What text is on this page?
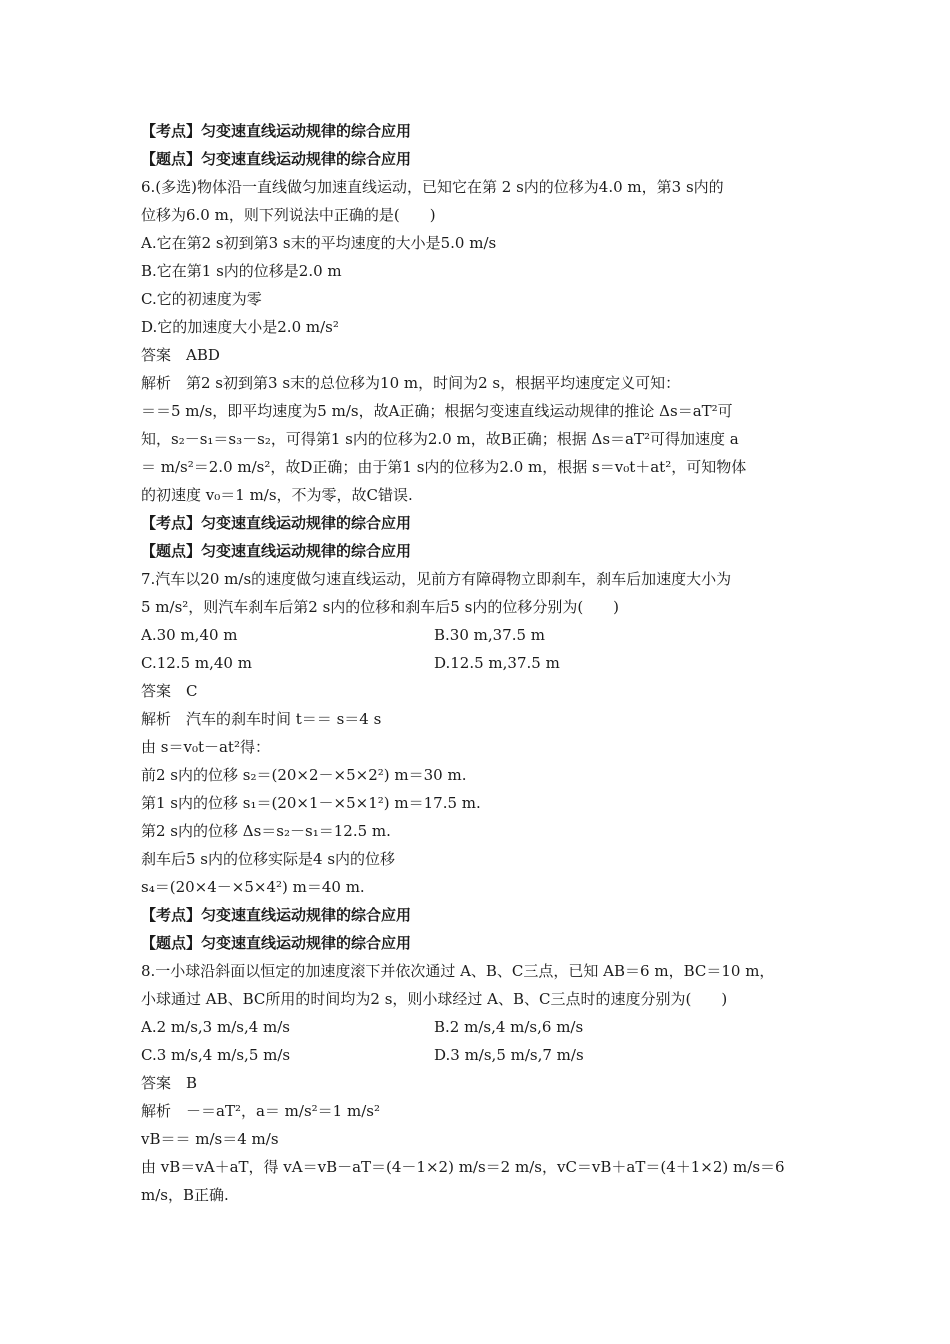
【考点】匀变速直线运动规律的综合应用
【题点】匀变速直线运动规律的综合应用
6.(多选)物体沿一直线做匀加速直线运动，已知它在第 2 s内的位移为4.0 m，第3 s内的
位移为6.0 m，则下列说法中正确的是(　　)
A.它在第2 s初到第3 s末的平均速度的大小是5.0 m/s
B.它在第1 s内的位移是2.0 m
C.它的初速度为零
D.它的加速度大小是2.0 m/s²
答案　ABD
解析　第2 s初到第3 s末的总位移为10 m，时间为2 s，根据平均速度定义可知：
＝＝5 m/s，即平均速度为5 m/s，故A正确；根据匀变速直线运动规律的推论 Δs＝aT²可
知，s₂－s₁＝s₃－s₂，可得第1 s内的位移为2.0 m，故B正确；根据 Δs＝aT²可得加速度 a
＝ m/s²＝2.0 m/s²，故D正确；由于第1 s内的位移为2.0 m，根据 s＝v₀t＋at²，可知物体
的初速度 v₀＝1 m/s，不为零，故C错误.
【考点】匀变速直线运动规律的综合应用
【题点】匀变速直线运动规律的综合应用
7.汽车以20 m/s的速度做匀速直线运动，见前方有障碍物立即刹车，刹车后加速度大小为
5 m/s²，则汽车刹车后第2 s内的位移和刹车后5 s内的位移分别为(　　)
A.30 m,40 m	B.30 m,37.5 m
C.12.5 m,40 m	D.12.5 m,37.5 m
答案　C
解析　汽车的刹车时间 t＝＝ s＝4 s
由 s＝v₀t－at²得：
前2 s内的位移 s₂＝(20×2－×5×2²) m＝30 m.
第1 s内的位移 s₁＝(20×1－×5×1²) m＝17.5 m.
第2 s内的位移 Δs＝s₂－s₁＝12.5 m.
刹车后5 s内的位移实际是4 s内的位移
s₄＝(20×4－×5×4²) m＝40 m.
【考点】匀变速直线运动规律的综合应用
【题点】匀变速直线运动规律的综合应用
8.一小球沿斜面以恒定的加速度滚下并依次通过 A、B、C三点，已知 AB＝6 m，BC＝10 m，
小球通过 AB、BC所用的时间均为2 s，则小球经过 A、B、C三点时的速度分别为(　　)
A.2 m/s,3 m/s,4 m/s	B.2 m/s,4 m/s,6 m/s
C.3 m/s,4 m/s,5 m/s	D.3 m/s,5 m/s,7 m/s
答案　B
解析　－＝aT²，a＝ m/s²＝1 m/s²
vB＝＝ m/s＝4 m/s
由 vB＝vA＋aT，得 vA＝vB－aT＝(4－1×2) m/s＝2 m/s，vC＝vB＋aT＝(4＋1×2) m/s＝6
m/s，B正确.
